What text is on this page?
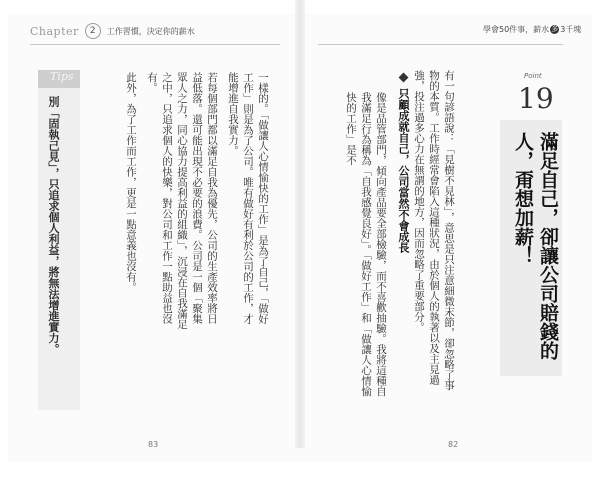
Chapter	2	工作習慣，決定你的薪水	學會50件事，薪水 多 3千塊
Tips
別「固執己見」，只追求個人利益，將無法增進實力。	一樣的。「做讓人心情愉快的工作」是為了自己，「做好工作」則是為了公司。唯有做好有利於公司的工作，才能增進自我實力。

若每個部門都以滿足自我為優先，公司的生產效率將日益低落。還可能出現不必要的浪費。公司是一個「聚集眾人之力，同心協力提高利益的組織」，沉浸在自我滿足之中，只追求個人的快樂，對公司和工作一點助益也沒有。

此外，為了工作而工作，更是一點意義也沒有。

83
Point
19
滿足自己，卻讓公司賠錢的人，甭想加薪！

有一句諺語說：「見樹不見林」，意思是只注意細微末節，卻忽略了事物的本質。工作時經常會陷入這種狀況，由於個人的執著以及主見過強，投注過多心力在無謂的地方，因而忽略了重要部分。

只顧成就自己，公司當然不會成長

像是品管部門，傾向產品要全部檢驗，而不喜歡抽驗。我將這種自我滿足行為稱為「自我感覺良好」。「做好工作」和「做讓人心情愉快的工作」是不

82
